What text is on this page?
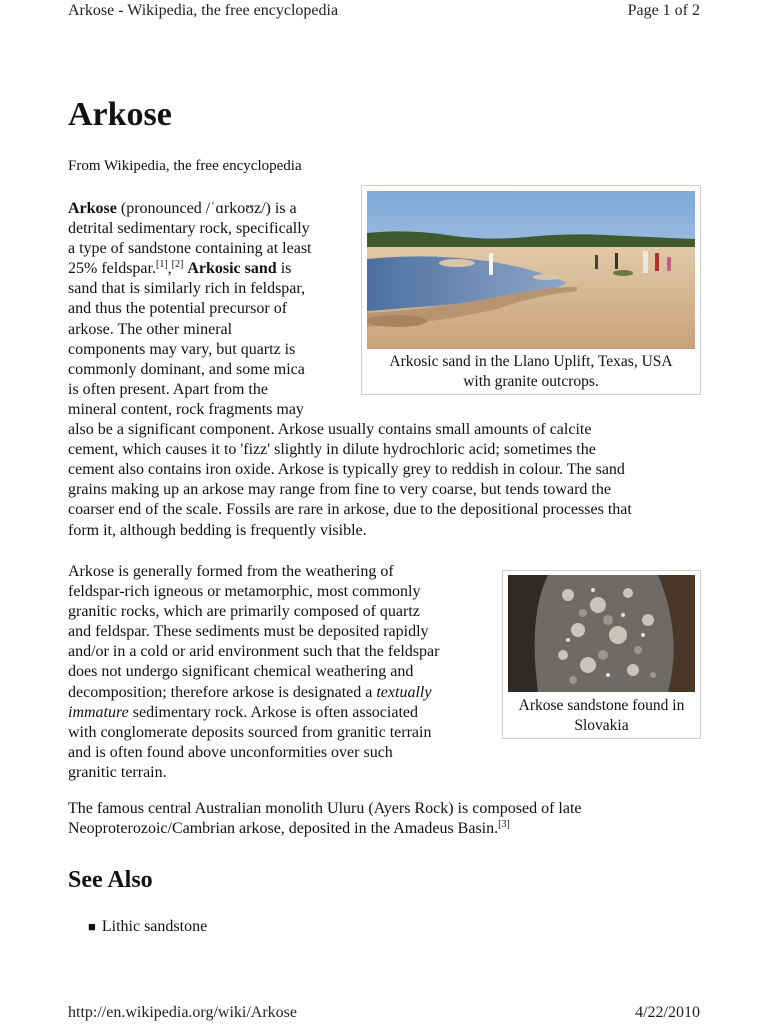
Arkose - Wikipedia, the free encyclopedia	Page 1 of 2
Arkose
From Wikipedia, the free encyclopedia
Arkosic sand in the Llano Uplift, Texas, USA
with granite outcrops.
Arkose sandstone found in
Slovakia
Arkose (pronounced /ˈɑrkoʊz/) is a
detrital sedimentary rock, specifically
a type of sandstone containing at least
25% feldspar.[1],[2] Arkosic sand is
sand that is similarly rich in feldspar,
and thus the potential precursor of
arkose. The other mineral
components may vary, but quartz is
commonly dominant, and some mica
is often present. Apart from the
mineral content, rock fragments may
also be a significant component. Arkose usually contains small amounts of calcite
cement, which causes it to 'fizz' slightly in dilute hydrochloric acid; sometimes the
cement also contains iron oxide. Arkose is typically grey to reddish in colour. The sand
grains making up an arkose may range from fine to very coarse, but tends toward the
coarser end of the scale. Fossils are rare in arkose, due to the depositional processes that
form it, although bedding is frequently visible.
Arkose is generally formed from the weathering of
feldspar-rich igneous or metamorphic, most commonly
granitic rocks, which are primarily composed of quartz
and feldspar. These sediments must be deposited rapidly
and/or in a cold or arid environment such that the feldspar
does not undergo significant chemical weathering and
decomposition; therefore arkose is designated a textually
immature sedimentary rock. Arkose is often associated
with conglomerate deposits sourced from granitic terrain
and is often found above unconformities over such
granitic terrain.
The famous central Australian monolith Uluru (Ayers Rock) is composed of late
Neoproterozoic/Cambrian arkose, deposited in the Amadeus Basin.[3]
See Also
■ Lithic sandstone
http://en.wikipedia.org/wiki/Arkose	4/22/2010
